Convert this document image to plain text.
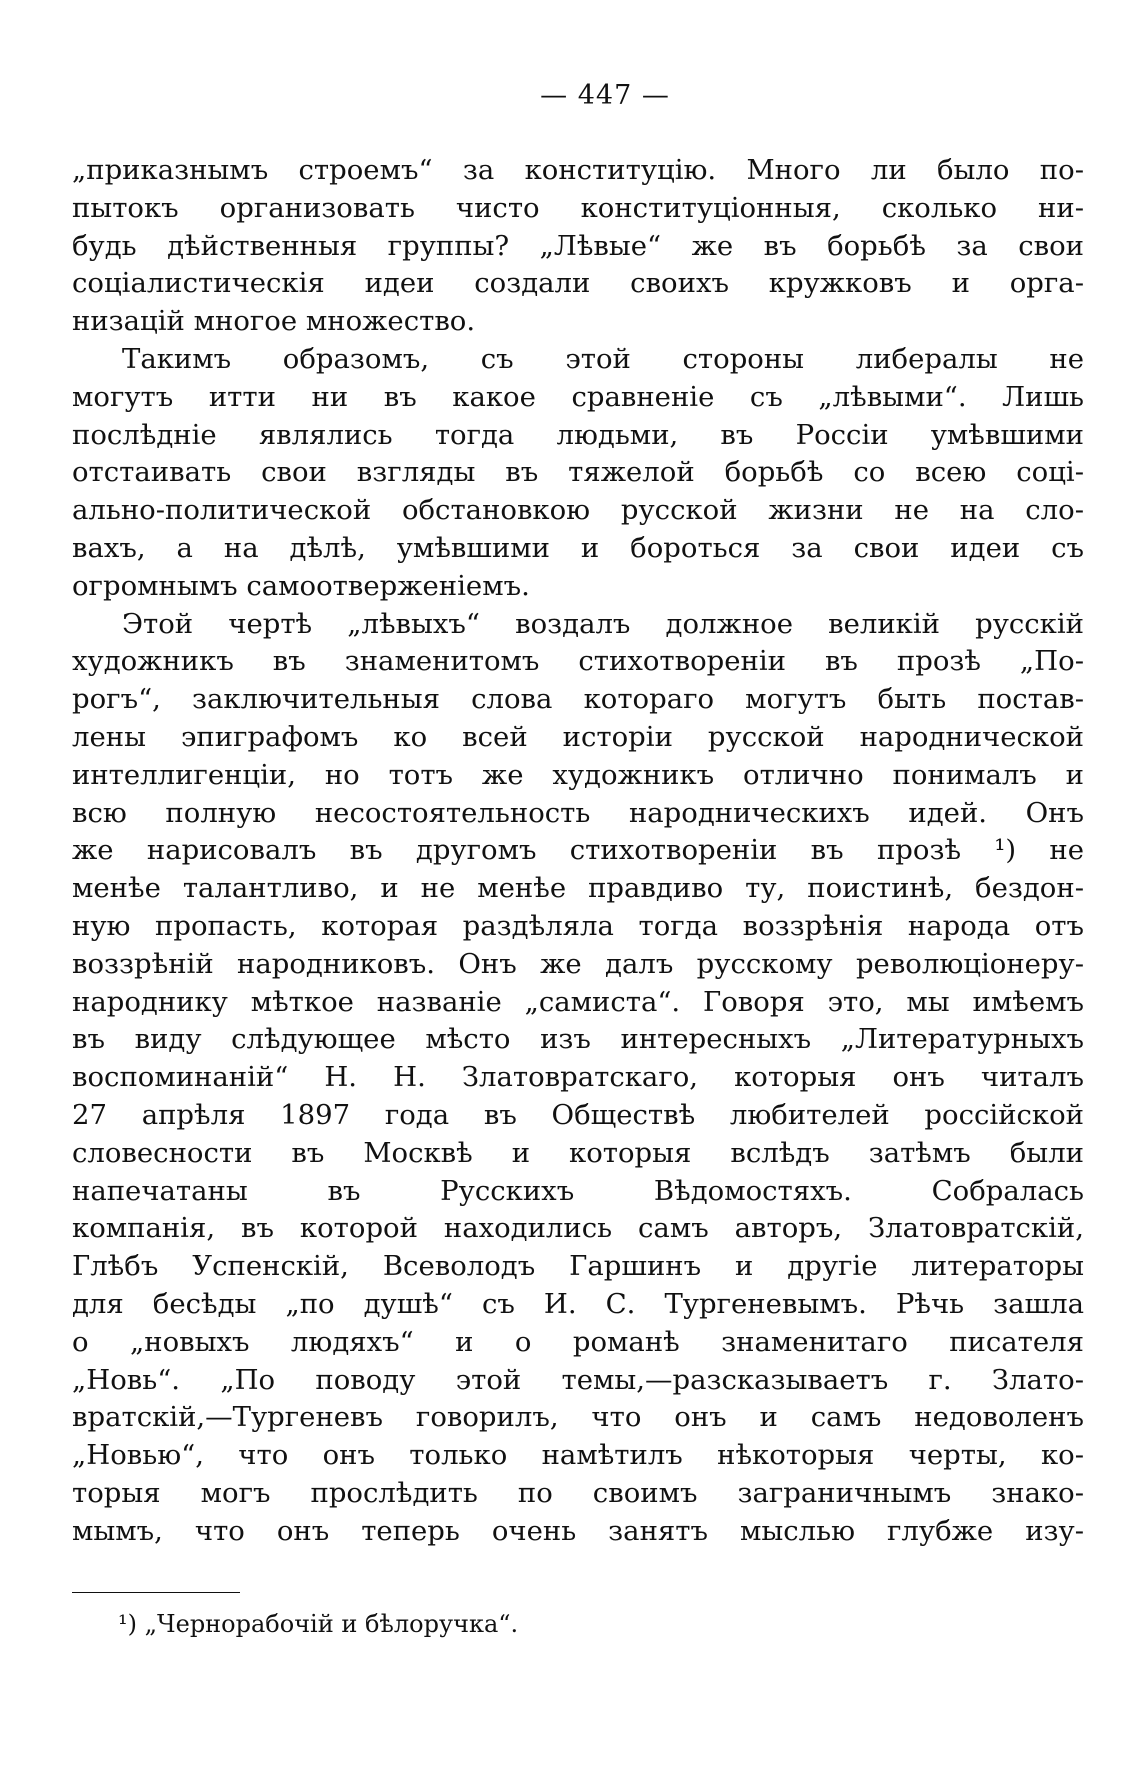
— 447 —
„приказнымъ строемъ“ за конституцію. Много ли было по-
пытокъ организовать чисто конституціонныя, сколько ни-
будь дѣйственныя группы? „Лѣвые“ же въ борьбѣ за свои
соціалистическія идеи создали своихъ кружковъ и орга-
низацій многое множество.
Такимъ образомъ, съ этой стороны либералы не
могутъ итти ни въ какое сравненіе съ „лѣвыми“. Лишь
послѣдніе являлись тогда людьми, въ Россіи умѣвшими
отстаивать свои взгляды въ тяжелой борьбѣ со всею соці-
ально-политической обстановкою русской жизни не на сло-
вахъ, а на дѣлѣ, умѣвшими и бороться за свои идеи съ
огромнымъ самоотверженіемъ.
Этой чертѣ „лѣвыхъ“ воздалъ должное великій русскій
художникъ въ знаменитомъ стихотвореніи въ прозѣ „По-
рогъ“, заключительныя слова котораго могутъ быть постав-
лены эпиграфомъ ко всей исторіи русской народнической
интеллигенціи, но тотъ же художникъ отлично понималъ и
всю полную несостоятельность народническихъ идей. Онъ
же нарисовалъ въ другомъ стихотвореніи въ прозѣ ¹) не
менѣе талантливо, и не менѣе правдиво ту, поистинѣ, бездон-
ную пропасть, которая раздѣляла тогда воззрѣнія народа отъ
воззрѣній народниковъ. Онъ же далъ русскому революціонеру-
народнику мѣткое названіе „самиста“. Говоря это, мы имѣемъ
въ виду слѣдующее мѣсто изъ интересныхъ „Литературныхъ
воспоминаній“ Н. Н. Златовратскаго, которыя онъ читалъ
27 апрѣля 1897 года въ Обществѣ любителей россійской
словесности въ Москвѣ и которыя вслѣдъ затѣмъ были
напечатаны въ Русскихъ Вѣдомостяхъ. Собралась
компанія, въ которой находились самъ авторъ, Златовратскій,
Глѣбъ Успенскій, Всеволодъ Гаршинъ и другіе литераторы
для бесѣды „по душѣ“ съ И. С. Тургеневымъ. Рѣчь зашла
о „новыхъ людяхъ“ и о романѣ знаменитаго писателя
„Новь“. „По поводу этой темы,—разсказываетъ г. Злато-
вратскій,—Тургеневъ говорилъ, что онъ и самъ недоволенъ
„Новью“, что онъ только намѣтилъ нѣкоторыя черты, ко-
торыя могъ прослѣдить по своимъ заграничнымъ знако-
мымъ, что онъ теперь очень занятъ мыслью глубже изу-
¹) „Чернорабочій и бѣлоручка“.
